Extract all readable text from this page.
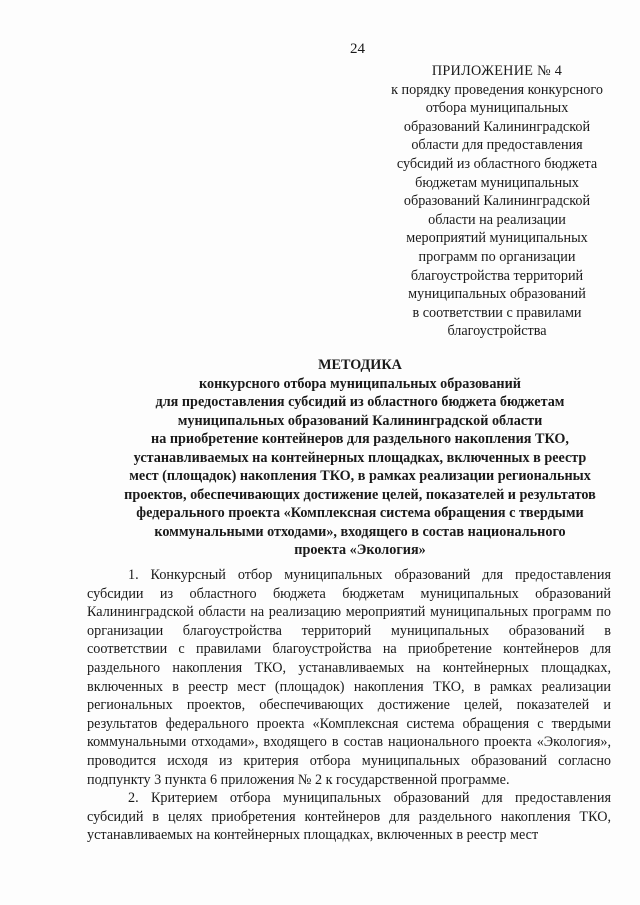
24
ПРИЛОЖЕНИЕ № 4
к порядку проведения конкурсного
отбора муниципальных
образований Калининградской
области для предоставления
субсидий из областного бюджета
бюджетам муниципальных
образований Калининградской
области на реализации
мероприятий муниципальных
программ по организации
благоустройства территорий
муниципальных образований
в соответствии с правилами
благоустройства
МЕТОДИКА
конкурсного отбора муниципальных образований
для предоставления субсидий из областного бюджета бюджетам
муниципальных образований Калининградской области
на приобретение контейнеров для раздельного накопления ТКО,
устанавливаемых на контейнерных площадках, включенных в реестр
мест (площадок) накопления ТКО, в рамках реализации региональных
проектов, обеспечивающих достижение целей, показателей и результатов
федерального проекта «Комплексная система обращения с твердыми
коммунальными отходами», входящего в состав национального
проекта «Экология»

1. Конкурсный отбор муниципальных образований для предоставления субсидии из областного бюджета бюджетам муниципальных образований Калининградской области на реализацию мероприятий муниципальных программ по организации благоустройства территорий муниципальных образований в соответствии с правилами благоустройства на приобретение контейнеров для раздельного накопления ТКО, устанавливаемых на контейнерных площадках, включенных в реестр мест (площадок) накопления ТКО, в рамках реализации региональных проектов, обеспечивающих достижение целей, показателей и результатов федерального проекта «Комплексная система обращения с твердыми коммунальными отходами», входящего в состав национального проекта «Экология», проводится исходя из критерия отбора муниципальных образований согласно подпункту 3 пункта 6 приложения № 2 к государственной программе.

2. Критерием отбора муниципальных образований для предоставления субсидий в целях приобретения контейнеров для раздельного накопления ТКО, устанавливаемых на контейнерных площадках, включенных в реестр мест
